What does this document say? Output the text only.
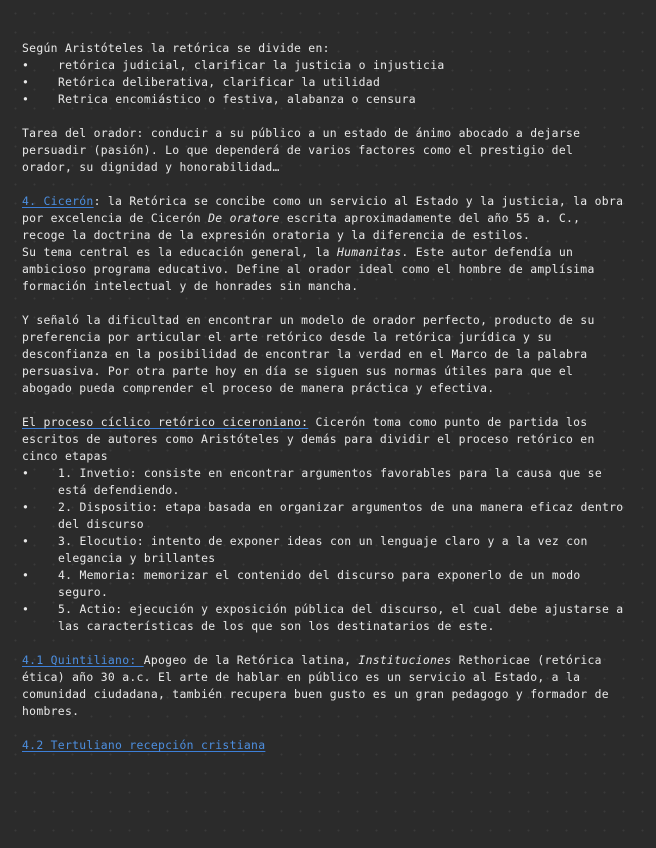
Según Aristóteles la retórica se divide en:

• retórica judicial, clarificar la justicia o injusticia
• Retórica deliberativa, clarificar la utilidad
• Retrica encomiástico o festiva, alabanza o censura

Tarea del orador: conducir a su público a un estado de ánimo abocado a dejarse persuadir (pasión). Lo que dependerá de varios factores como el prestigio del orador, su dignidad y honorabilidad…

4. Cicerón: la Retórica se concibe como un servicio al Estado y la justicia, la obra por excelencia de Cicerón De oratore escrita aproximadamente del año 55 a. C., recoge la doctrina de la expresión oratoria y la diferencia de estilos.

Su tema central es la educación general, la Humanitas. Este autor defendía un ambicioso programa educativo. Define al orador ideal como el hombre de amplísima formación intelectual y de honrades sin mancha.

Y señaló la dificultad en encontrar un modelo de orador perfecto, producto de su preferencia por articular el arte retórico desde la retórica jurídica y su desconfianza en la posibilidad de encontrar la verdad en el Marco de la palabra persuasiva. Por otra parte hoy en día se siguen sus normas útiles para que el abogado pueda comprender el proceso de manera práctica y efectiva.

El proceso cíclico retórico ciceroniano: Cicerón toma como punto de partida los escritos de autores como Aristóteles y demás para dividir el proceso retórico en cinco etapas

• 1. Invetio: consiste en encontrar argumentos favorables para la causa que se está defendiendo.
• 2. Dispositio: etapa basada en organizar argumentos de una manera eficaz dentro del discurso
• 3. Elocutio: intento de exponer ideas con un lenguaje claro y a la vez con elegancia y brillantes
• 4. Memoria: memorizar el contenido del discurso para exponerlo de un modo seguro.
• 5. Actio: ejecución y exposición pública del discurso, el cual debe ajustarse a las características de los que son los destinatarios de este.

4.1 Quintiliano: Apogeo de la Retórica latina, Instituciones Rethoricae (retórica ética) año 30 a.c. El arte de hablar en público es un servicio al Estado, a la comunidad ciudadana, también recupera buen gusto es un gran pedagogo y formador de hombres.

4.2 Tertuliano recepción cristiana
